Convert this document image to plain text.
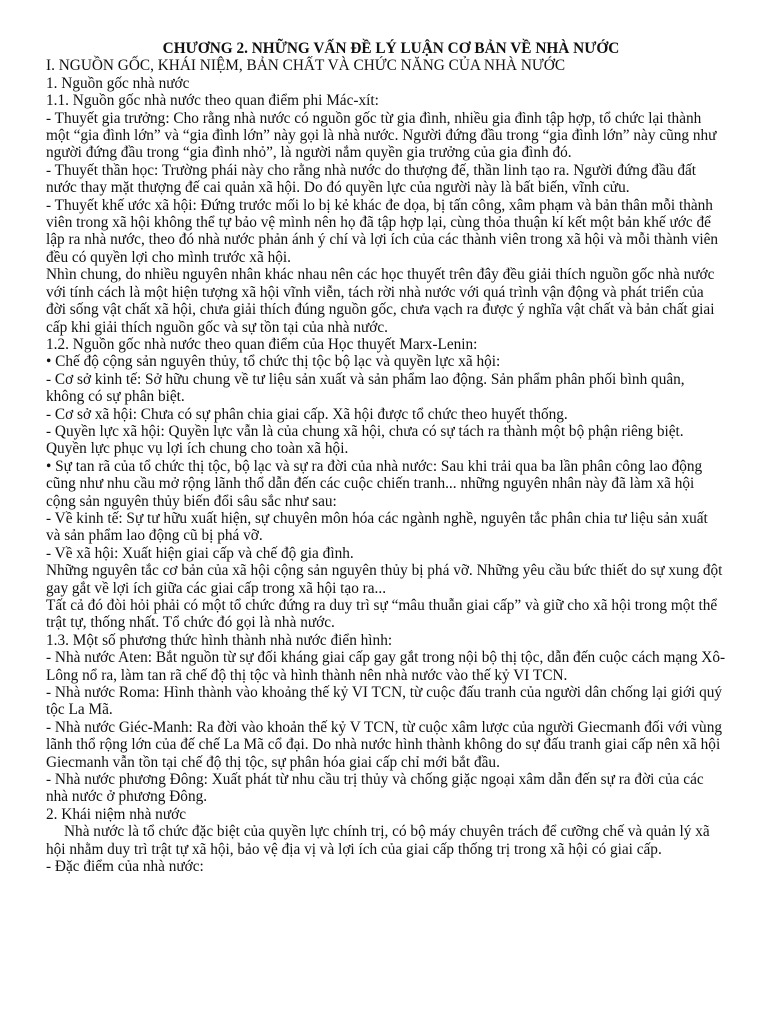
CHƯƠNG 2. NHỮNG VẤN ĐỀ LÝ LUẬN CƠ BẢN VỀ NHÀ NƯỚC
I. NGUỒN GỐC, KHÁI NIỆM, BẢN CHẤT VÀ CHỨC NĂNG CỦA NHÀ NƯỚC
1. Nguồn gốc nhà nước
1.1. Nguồn gốc nhà nước theo quan điểm phi Mác-xít:
- Thuyết gia trưởng: Cho rằng nhà nước có nguồn gốc từ gia đình, nhiều gia đình tập hợp, tổ chức lại thành một “gia đình lớn” và “gia đình lớn” này gọi là nhà nước. Người đứng đầu trong “gia đình lớn” này cũng như người đứng đầu trong “gia đình nhỏ”, là người nắm quyền gia trưởng của gia đình đó.
- Thuyết thần học: Trường phái này cho rằng nhà nước do thượng đế, thần linh tạo ra. Người đứng đầu đất nước thay mặt thượng đế cai quản xã hội. Do đó quyền lực của người này là bất biến, vĩnh cửu.
- Thuyết khế ước xã hội: Đứng trước mối lo bị kẻ khác đe dọa, bị tấn công, xâm phạm và bản thân mỗi thành viên trong xã hội không thể tự bảo vệ mình nên họ đã tập hợp lại, cùng thỏa thuận kí kết một bản khế ước để lập ra nhà nước, theo đó nhà nước phản ánh ý chí và lợi ích của các thành viên trong xã hội và mỗi thành viên đều có quyền lợi cho mình trước xã hội.
Nhìn chung, do nhiều nguyên nhân khác nhau nên các học thuyết trên đây đều giải thích nguồn gốc nhà nước với tính cách là một hiện tượng xã hội vĩnh viễn, tách rời nhà nước với quá trình vận động và phát triển của đời sống vật chất xã hội, chưa giải thích đúng nguồn gốc, chưa vạch ra được ý nghĩa vật chất và bản chất giai cấp khi giải thích nguồn gốc và sự tồn tại của nhà nước.
1.2. Nguồn gốc nhà nước theo quan điểm của Học thuyết Marx-Lenin:
• Chế độ cộng sản nguyên thủy, tổ chức thị tộc bộ lạc và quyền lực xã hội:
- Cơ sở kinh tế: Sở hữu chung về tư liệu sản xuất và sản phẩm lao động. Sản phẩm phân phối bình quân, không có sự phân biệt.
- Cơ sở xã hội: Chưa có sự phân chia giai cấp. Xã hội được tổ chức theo huyết thống.
- Quyền lực xã hội: Quyền lực vẫn là của chung xã hội, chưa có sự tách ra thành một bộ phận riêng biệt. Quyền lực phục vụ lợi ích chung cho toàn xã hội.
• Sự tan rã của tổ chức thị tộc, bộ lạc và sự ra đời của nhà nước: Sau khi trải qua ba lần phân công lao động cũng như nhu cầu mở rộng lãnh thổ dẫn đến các cuộc chiến tranh... những nguyên nhân này đã làm xã hội cộng sản nguyên thủy biến đổi sâu sắc như sau:
- Về kinh tế: Sự tư hữu xuất hiện, sự chuyên môn hóa các ngành nghề, nguyên tắc phân chia tư liệu sản xuất và sản phẩm lao động cũ bị phá vỡ.
- Về xã hội: Xuất hiện giai cấp và chế độ gia đình.
Những nguyên tắc cơ bản của xã hội cộng sản nguyên thủy bị phá vỡ. Những yêu cầu bức thiết do sự xung đột gay gắt về lợi ích giữa các giai cấp trong xã hội tạo ra...
Tất cả đó đòi hỏi phải có một tổ chức đứng ra duy trì sự “mâu thuẫn giai cấp” và giữ cho xã hội trong một thể trật tự, thống nhất. Tổ chức đó gọi là nhà nước.
1.3. Một số phương thức hình thành nhà nước điển hình:
- Nhà nước Aten: Bắt nguồn từ sự đối kháng giai cấp gay gắt trong nội bộ thị tộc, dẫn đến cuộc cách mạng Xô-Lông nổ ra, làm tan rã chế độ thị tộc và hình thành nên nhà nước vào thế kỷ VI TCN.
- Nhà nước Roma: Hình thành vào khoảng thế kỷ VI TCN, từ cuộc đấu tranh của người dân chống lại giới quý tộc La Mã.
- Nhà nước Giéc-Manh: Ra đời vào khoản thế kỷ V TCN, từ cuộc xâm lược của người Giecmanh đối với vùng lãnh thổ rộng lớn của đế chế La Mã cổ đại. Do nhà nước hình thành không do sự đấu tranh giai cấp nên xã hội Giecmanh vẫn tồn tại chế độ thị tộc, sự phân hóa giai cấp chỉ mới bắt đầu.
- Nhà nước phương Đông: Xuất phát từ nhu cầu trị thủy và chống giặc ngoại xâm dẫn đến sự ra đời của các nhà nước ở phương Đông.
2. Khái niệm nhà nước
Nhà nước là tổ chức đặc biệt của quyền lực chính trị, có bộ máy chuyên trách để cưỡng chế và quản lý xã hội nhằm duy trì trật tự xã hội, bảo vệ địa vị và lợi ích của giai cấp thống trị trong xã hội có giai cấp.
- Đặc điểm của nhà nước:
